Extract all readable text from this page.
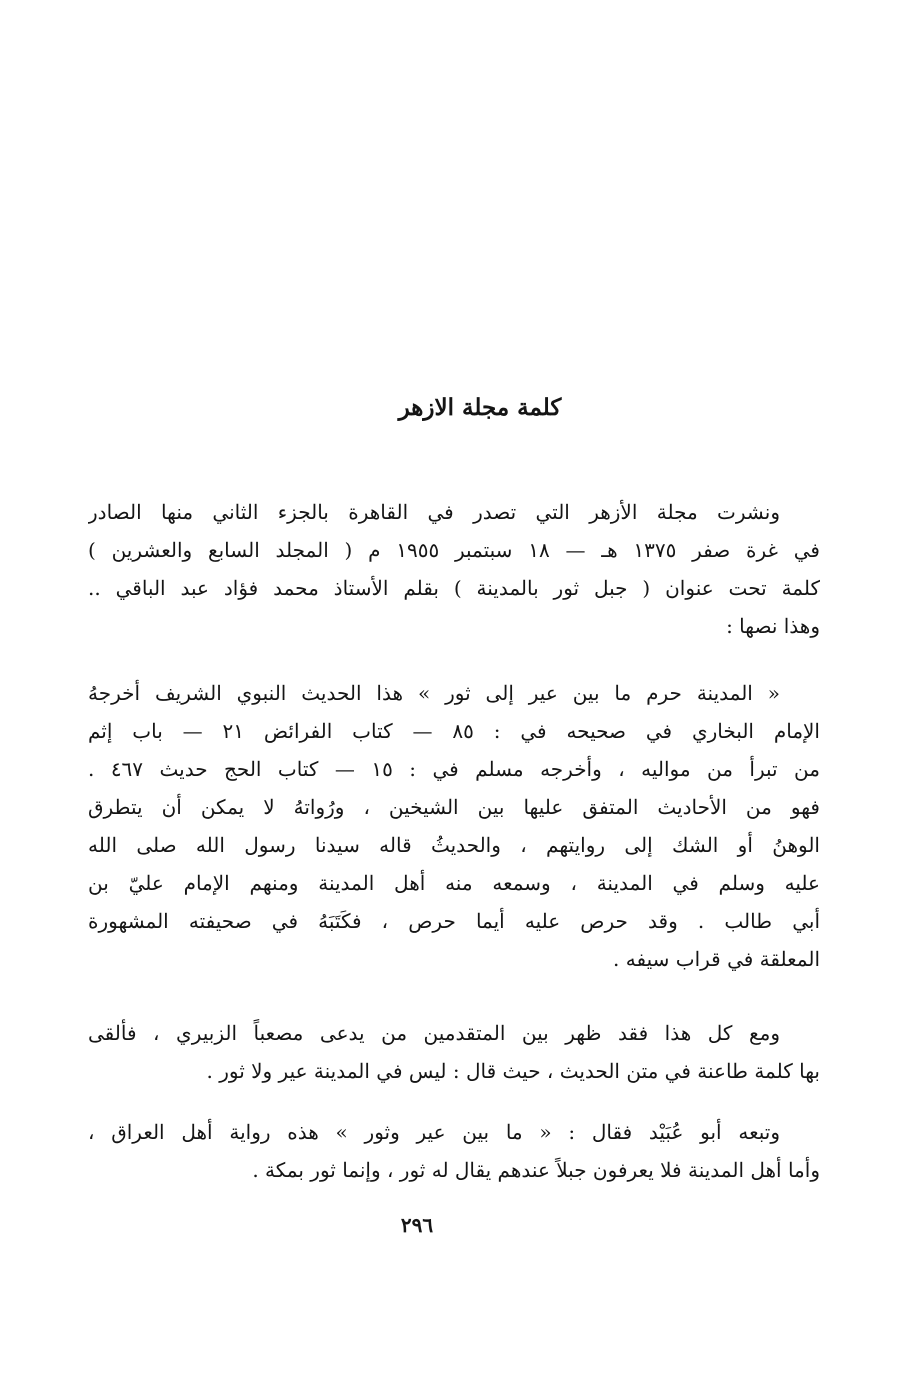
كلمة مجلة الازهر
ونشرت مجلة الأزهر التي تصدر في القاهرة بالجزء الثاني منها الصادر
في غرة صفر ١٣٧٥ هـ — ١٨ سبتمبر ١٩٥٥ م ( المجلد السابع والعشرين )
كلمة تحت عنوان ( جبل ثور بالمدينة ) بقلم الأستاذ محمد فؤاد عبد الباقي ..
وهذا نصها :
« المدينة حرم ما بين عير إلى ثور » هذا الحديث النبوي الشريف أخرجهُ
الإمام البخاري في صحيحه في : ٨٥ — كتاب الفرائض ٢١ — باب إثم
من تبرأ من مواليه ، وأخرجه مسلم في : ١٥ — كتاب الحج حديث ٤٦٧ .
فهو من الأحاديث المتفق عليها بين الشيخين ، ورُواتهُ لا يمكن أن يتطرق
الوهنُ أو الشك إلى روايتهم ، والحديثُ قاله سيدنا رسول الله صلى الله
عليه وسلم في المدينة ، وسمعه منه أهل المدينة ومنهم الإمام عليّ بن
أبي طالب . وقد حرص عليه أيما حرص ، فكَتَبَهُ في صحيفته المشهورة
المعلقة في قراب سيفه .
ومع كل هذا فقد ظهر بين المتقدمين من يدعى مصعباً الزبيري ، فألقى
بها كلمة طاعنة في متن الحديث ، حيث قال : ليس في المدينة عير ولا ثور .
وتبعه أبو عُبَيْد فقال : « ما بين عير وثور » هذه رواية أهل العراق ،
وأما أهل المدينة فلا يعرفون جبلاً عندهم يقال له ثور ، وإنما ثور بمكة .
٢٩٦
